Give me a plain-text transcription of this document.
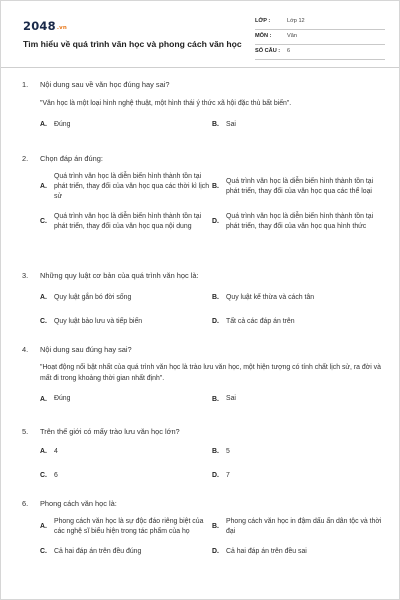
2048.vn
Tìm hiểu về quá trình văn học và phong cách văn học
LỚP :	Lớp 12
MÔN :	Văn
SỐ CÂU :	6
1.	Nội dung sau về văn học đúng hay sai?
"Văn học là một loại hình nghệ thuật, một hình thái ý thức xã hội đặc thù bất biến".
A.	Đúng	B.	Sai
2.	Chọn đáp án đúng:
A.
Quá trình văn học là diễn biến hình thành tồn tại phát triển, thay đổi của văn học qua các thời kì lịch sử
B.
Quá trình văn học là diễn biến hình thành tồn tại phát triển, thay đổi của văn học qua các thể loại
C.
Quá trình văn học là diễn biến hình thành tồn tại phát triển, thay đổi của văn học qua nội dung
D.
Quá trình văn học là diễn biến hình thành tồn tại phát triển, thay đổi của văn học qua hình thức
3.	Những quy luật cơ bản của quá trình văn học là:
A.	Quy luật gắn bó đời sống	B.	Quy luật kế thừa và cách tân
C.	Quy luật bảo lưu và tiếp biến	D.	Tất cả các đáp án trên
4.	Nội dung sau đúng hay sai?
"Hoạt động nổi bật nhất của quá trình văn học là trào lưu văn học, một hiện tượng có tính chất lịch sử, ra đời và mất đi trong khoảng thời gian nhất định".
A.	Đúng	B.	Sai
5.	Trên thế giới có mấy trào lưu văn học lớn?
A.	4	B.	5
C.	6	D.	7
6.	Phong cách văn học là:
A.
Phong cách văn học là sự độc đáo riêng biệt của các nghệ sĩ biểu hiện trong tác phẩm của họ
B.
Phong cách văn học in đậm dấu ấn dân tộc và thời đại
C.	Cả hai đáp án trên đều đúng	D.	Cả hai đáp án trên đều sai
